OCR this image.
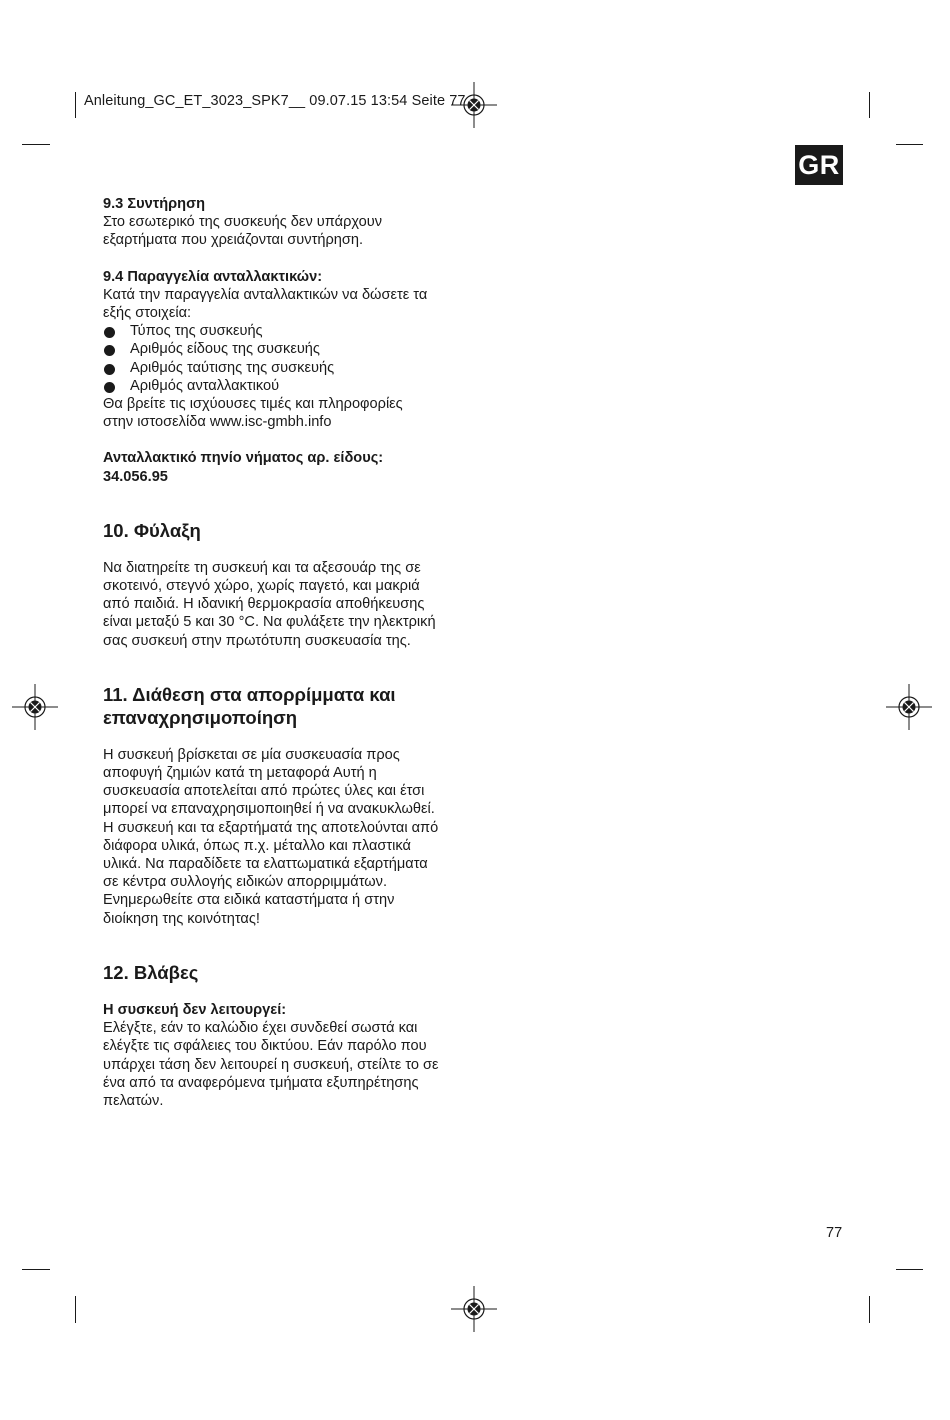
Anleitung_GC_ET_3023_SPK7__ 09.07.15 13:54 Seite 77
GR

9.3 Συντήρηση

Στο εσωτερικό της συσκευής δεν υπάρχουν

εξαρτήματα που χρειάζονται συντήρηση.

9.4 Παραγγελία ανταλλακτικών:

Κατά την παραγγελία ανταλλακτικών να δώσετε τα

εξής στοιχεία:

Τύπος της συσκευής

Αριθμός είδους της συσκευής

Αριθμός ταύτισης της συσκευής

Αριθμός ανταλλακτικού

Θα βρείτε τις ισχύουσες τιμές και πληροφορίες

στην ιστοσελίδα www.isc-gmbh.info

Ανταλλακτικό πηνίο νήματος αρ. είδους:

34.056.95

10. Φύλαξη

Να διατηρείτε τη συσκευή και τα αξεσουάρ της σε

σκοτεινό, στεγνό χώρο, χωρίς παγετό, και μακριά

από παιδιά. Η ιδανική θερμοκρασία αποθήκευσης

είναι μεταξύ 5 και 30 °C. Να φυλάξετε την ηλεκτρική

σας συσκευή στην πρωτότυπη συσκευασία της.

11. Διάθεση στα απορρίμματα και

επαναχρησιμοποίηση

Η συσκευή βρίσκεται σε μία συσκευασία προς

αποφυγή ζημιών κατά τη μεταφορά Αυτή η

συσκευασία αποτελείται από πρώτες ύλες και έτσι

μπορεί να επαναχρησιμοποιηθεί ή να ανακυκλωθεί.

Η συσκευή και τα εξαρτήματά της αποτελούνται από

διάφορα υλικά, όπως π.χ. μέταλλο και πλαστικά

υλικά. Να παραδίδετε τα ελαττωματικά εξαρτήματα

σε κέντρα συλλογής ειδικών απορριμμάτων.

Ενημερωθείτε στα ειδικά καταστήματα ή στην

διοίκηση της κοινότητας!

12. Βλάβες

Η συσκευή δεν λειτουργεί:

Ελέγξτε, εάν το καλώδιο έχει συνδεθεί σωστά και

ελέγξτε τις σφάλειες του δικτύου. Εάν παρόλο που

υπάρχει τάση δεν λειτουρεί η συσκευή, στείλτε το σε

ένα από τα αναφερόμενα τμήματα εξυπηρέτησης

πελατών.

77
